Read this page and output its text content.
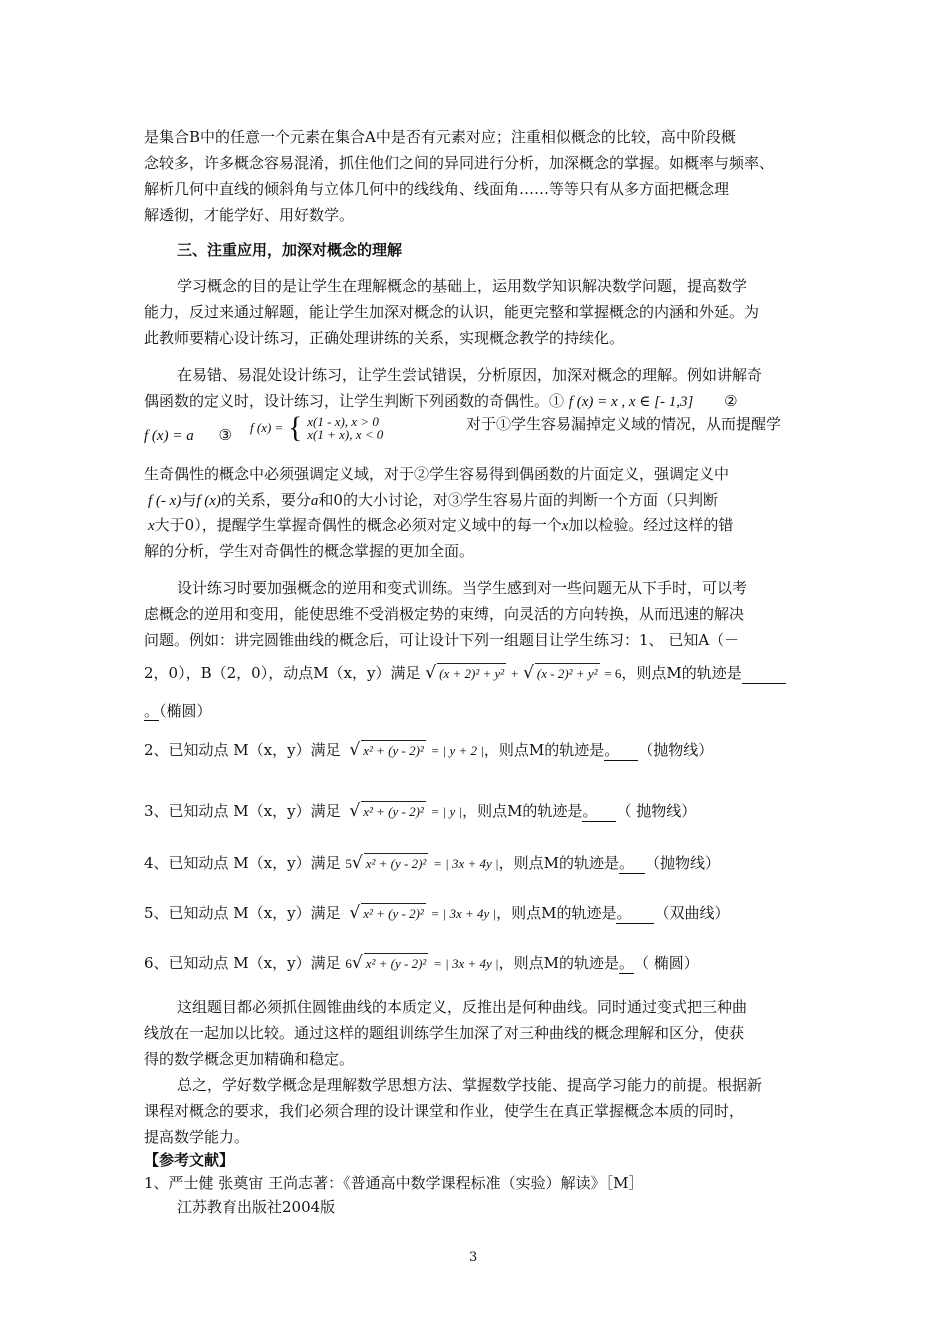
是集合B中的任意一个元素在集合A中是否有元素对应；注重相似概念的比较，高中阶段概
念较多，许多概念容易混淆，抓住他们之间的异同进行分析，加深概念的掌握。如概率与频率、
解析几何中直线的倾斜角与立体几何中的线线角、线面角……等等只有从多方面把概念理
解透彻，才能学好、用好数学。
三、注重应用，加深对概念的理解
学习概念的目的是让学生在理解概念的基础上，运用数学知识解决数学问题，提高数学
能力，反过来通过解题，能让学生加深对概念的认识，能更完整和掌握概念的内涵和外延。为
此教师要精心设计练习，正确处理讲练的关系，实现概念教学的持续化。
在易错、易混处设计练习，让学生尝试错误，分析原因，加深对概念的理解。例如讲解奇
偶函数的定义时，设计练习，让学生判断下列函数的奇偶性。① f (x) = x , x ∈ [- 1,3] ②
f (x) = a ③ f (x) = { x(1 - x), x > 0
x(1 + x), x < 0
对于①学生容易漏掉定义域的情况，从而提醒学
生奇偶性的概念中必须强调定义域，对于②学生容易得到偶函数的片面定义，强调定义中
f (- x)与f (x)的关系，要分a和0的大小讨论，对③学生容易片面的判断一个方面（只判断
x大于0），提醒学生掌握奇偶性的概念必须对定义域中的每一个x加以检验。经过这样的错
解的分析，学生对奇偶性的概念掌握的更加全面。
设计练习时要加强概念的逆用和变式训练。当学生感到对一些问题无从下手时，可以考
虑概念的逆用和变用，能使思维不受消极定势的束缚，向灵活的方向转换，从而迅速的解决
问题。例如：讲完圆锥曲线的概念后，可让设计下列一组题目让学生练习：1、 已知A（－
2，0），B（2，0），动点M（x，y）满足 √ (x + 2)² + y² + √ (x - 2)² + y² = 6，则点M的轨迹是
。（椭圆）
2、已知动点 M（x，y）满足 √ x² + (y - 2)² = | y + 2 |，则点M的轨迹是。 （抛物线）
3、已知动点 M（x，y）满足 √ x² + (y - 2)² = | y |，则点M的轨迹是。 （ 抛物线）
4、已知动点 M（x，y）满足 5√ x² + (y - 2)² = | 3x + 4y |，则点M的轨迹是。 （抛物线）
5、已知动点 M（x，y）满足 √ x² + (y - 2)² = | 3x + 4y |，则点M的轨迹是。 （双曲线）
6、已知动点 M（x，y）满足 6√ x² + (y - 2)² = | 3x + 4y |，则点M的轨迹是。（ 椭圆）
这组题目都必须抓住圆锥曲线的本质定义，反推出是何种曲线。同时通过变式把三种曲
线放在一起加以比较。通过这样的题组训练学生加深了对三种曲线的概念理解和区分，使获
得的数学概念更加精确和稳定。
总之，学好数学概念是理解数学思想方法、掌握数学技能、提高学习能力的前提。根据新
课程对概念的要求，我们必须合理的设计课堂和作业，使学生在真正掌握概念本质的同时，
提高数学能力。
【参考文献】
1、严士健 张奠宙 王尚志著：《普通高中数学课程标准（实验）解读》［M］
江苏教育出版社2004版
3
